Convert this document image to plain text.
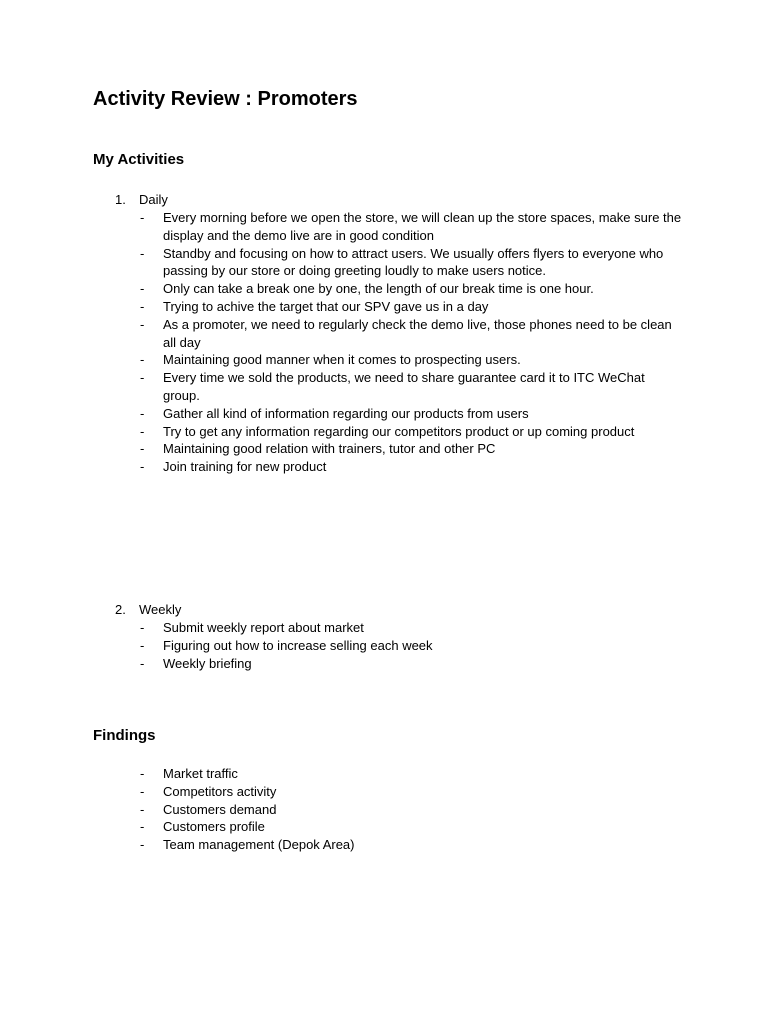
Activity Review : Promoters
My Activities
1.	Daily
- Every morning before we open the store, we will clean up the store spaces, make sure the display and the demo live are in good condition
- Standby and focusing on how to attract users. We usually offers flyers to everyone who passing by our store or doing greeting loudly to make users notice.
- Only can take a break one by one, the length of our break time is one hour.
- Trying to achive the target that our SPV gave us in a day
- As a promoter, we need to regularly check the demo live, those phones need to be clean all day
- Maintaining good manner when it comes to prospecting users.
- Every time we sold the products, we need to share guarantee card it to ITC WeChat group.
- Gather all kind of information regarding our products from users
- Try to get any information regarding our competitors product or up coming product
- Maintaining good relation with trainers, tutor and other PC
- Join training for new product
2.	Weekly
- Submit weekly report about market
- Figuring out how to increase selling each week
- Weekly briefing
Findings
- Market traffic
- Competitors activity
- Customers demand
- Customers profile
- Team management (Depok Area)
